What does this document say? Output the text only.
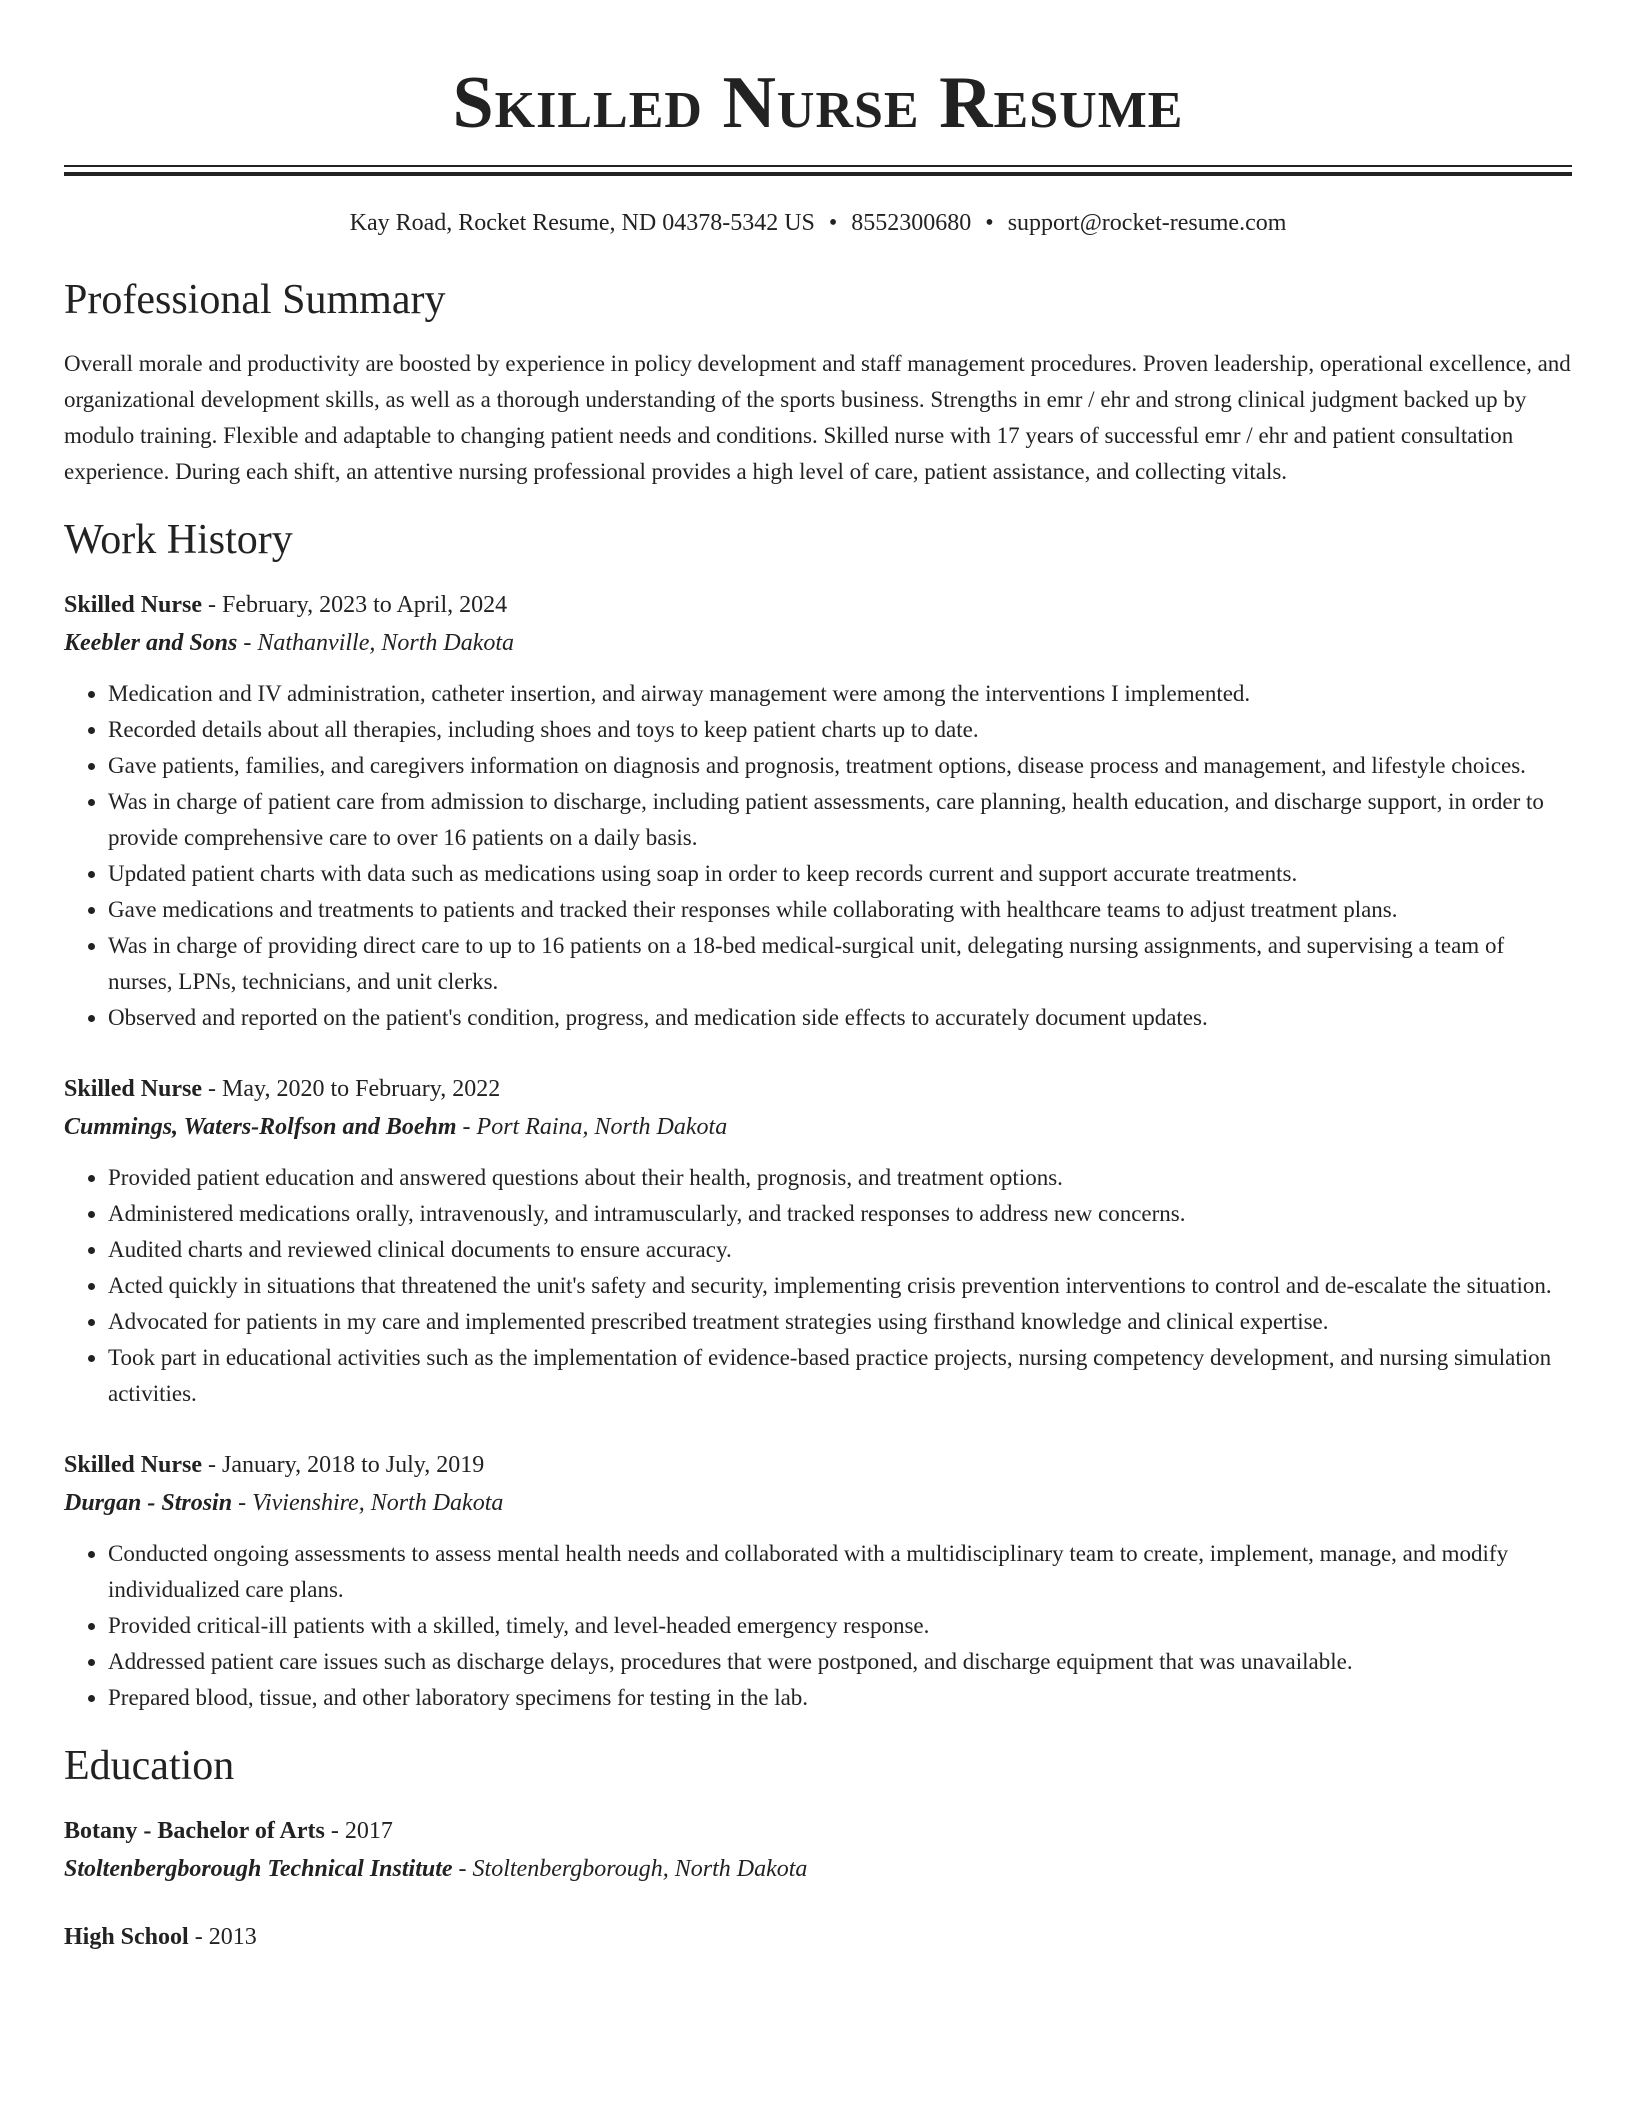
Skilled Nurse Resume
Kay Road, Rocket Resume, ND 04378-5342 US • 8552300680 • support@rocket-resume.com
Professional Summary
Overall morale and productivity are boosted by experience in policy development and staff management procedures. Proven leadership, operational excellence, and organizational development skills, as well as a thorough understanding of the sports business. Strengths in emr / ehr and strong clinical judgment backed up by modulo training. Flexible and adaptable to changing patient needs and conditions. Skilled nurse with 17 years of successful emr / ehr and patient consultation experience. During each shift, an attentive nursing professional provides a high level of care, patient assistance, and collecting vitals.
Work History
Skilled Nurse - February, 2023 to April, 2024
Keebler and Sons - Nathanville, North Dakota
• Medication and IV administration, catheter insertion, and airway management were among the interventions I implemented.
• Recorded details about all therapies, including shoes and toys to keep patient charts up to date.
• Gave patients, families, and caregivers information on diagnosis and prognosis, treatment options, disease process and management, and lifestyle choices.
• Was in charge of patient care from admission to discharge, including patient assessments, care planning, health education, and discharge support, in order to provide comprehensive care to over 16 patients on a daily basis.
• Updated patient charts with data such as medications using soap in order to keep records current and support accurate treatments.
• Gave medications and treatments to patients and tracked their responses while collaborating with healthcare teams to adjust treatment plans.
• Was in charge of providing direct care to up to 16 patients on a 18-bed medical-surgical unit, delegating nursing assignments, and supervising a team of nurses, LPNs, technicians, and unit clerks.
• Observed and reported on the patient's condition, progress, and medication side effects to accurately document updates.
Skilled Nurse - May, 2020 to February, 2022
Cummings, Waters-Rolfson and Boehm - Port Raina, North Dakota
• Provided patient education and answered questions about their health, prognosis, and treatment options.
• Administered medications orally, intravenously, and intramuscularly, and tracked responses to address new concerns.
• Audited charts and reviewed clinical documents to ensure accuracy.
• Acted quickly in situations that threatened the unit's safety and security, implementing crisis prevention interventions to control and de-escalate the situation.
• Advocated for patients in my care and implemented prescribed treatment strategies using firsthand knowledge and clinical expertise.
• Took part in educational activities such as the implementation of evidence-based practice projects, nursing competency development, and nursing simulation activities.
Skilled Nurse - January, 2018 to July, 2019
Durgan - Strosin - Vivienshire, North Dakota
• Conducted ongoing assessments to assess mental health needs and collaborated with a multidisciplinary team to create, implement, manage, and modify individualized care plans.
• Provided critical-ill patients with a skilled, timely, and level-headed emergency response.
• Addressed patient care issues such as discharge delays, procedures that were postponed, and discharge equipment that was unavailable.
• Prepared blood, tissue, and other laboratory specimens for testing in the lab.
Education
Botany - Bachelor of Arts - 2017
Stoltenbergborough Technical Institute - Stoltenbergborough, North Dakota
High School - 2013
